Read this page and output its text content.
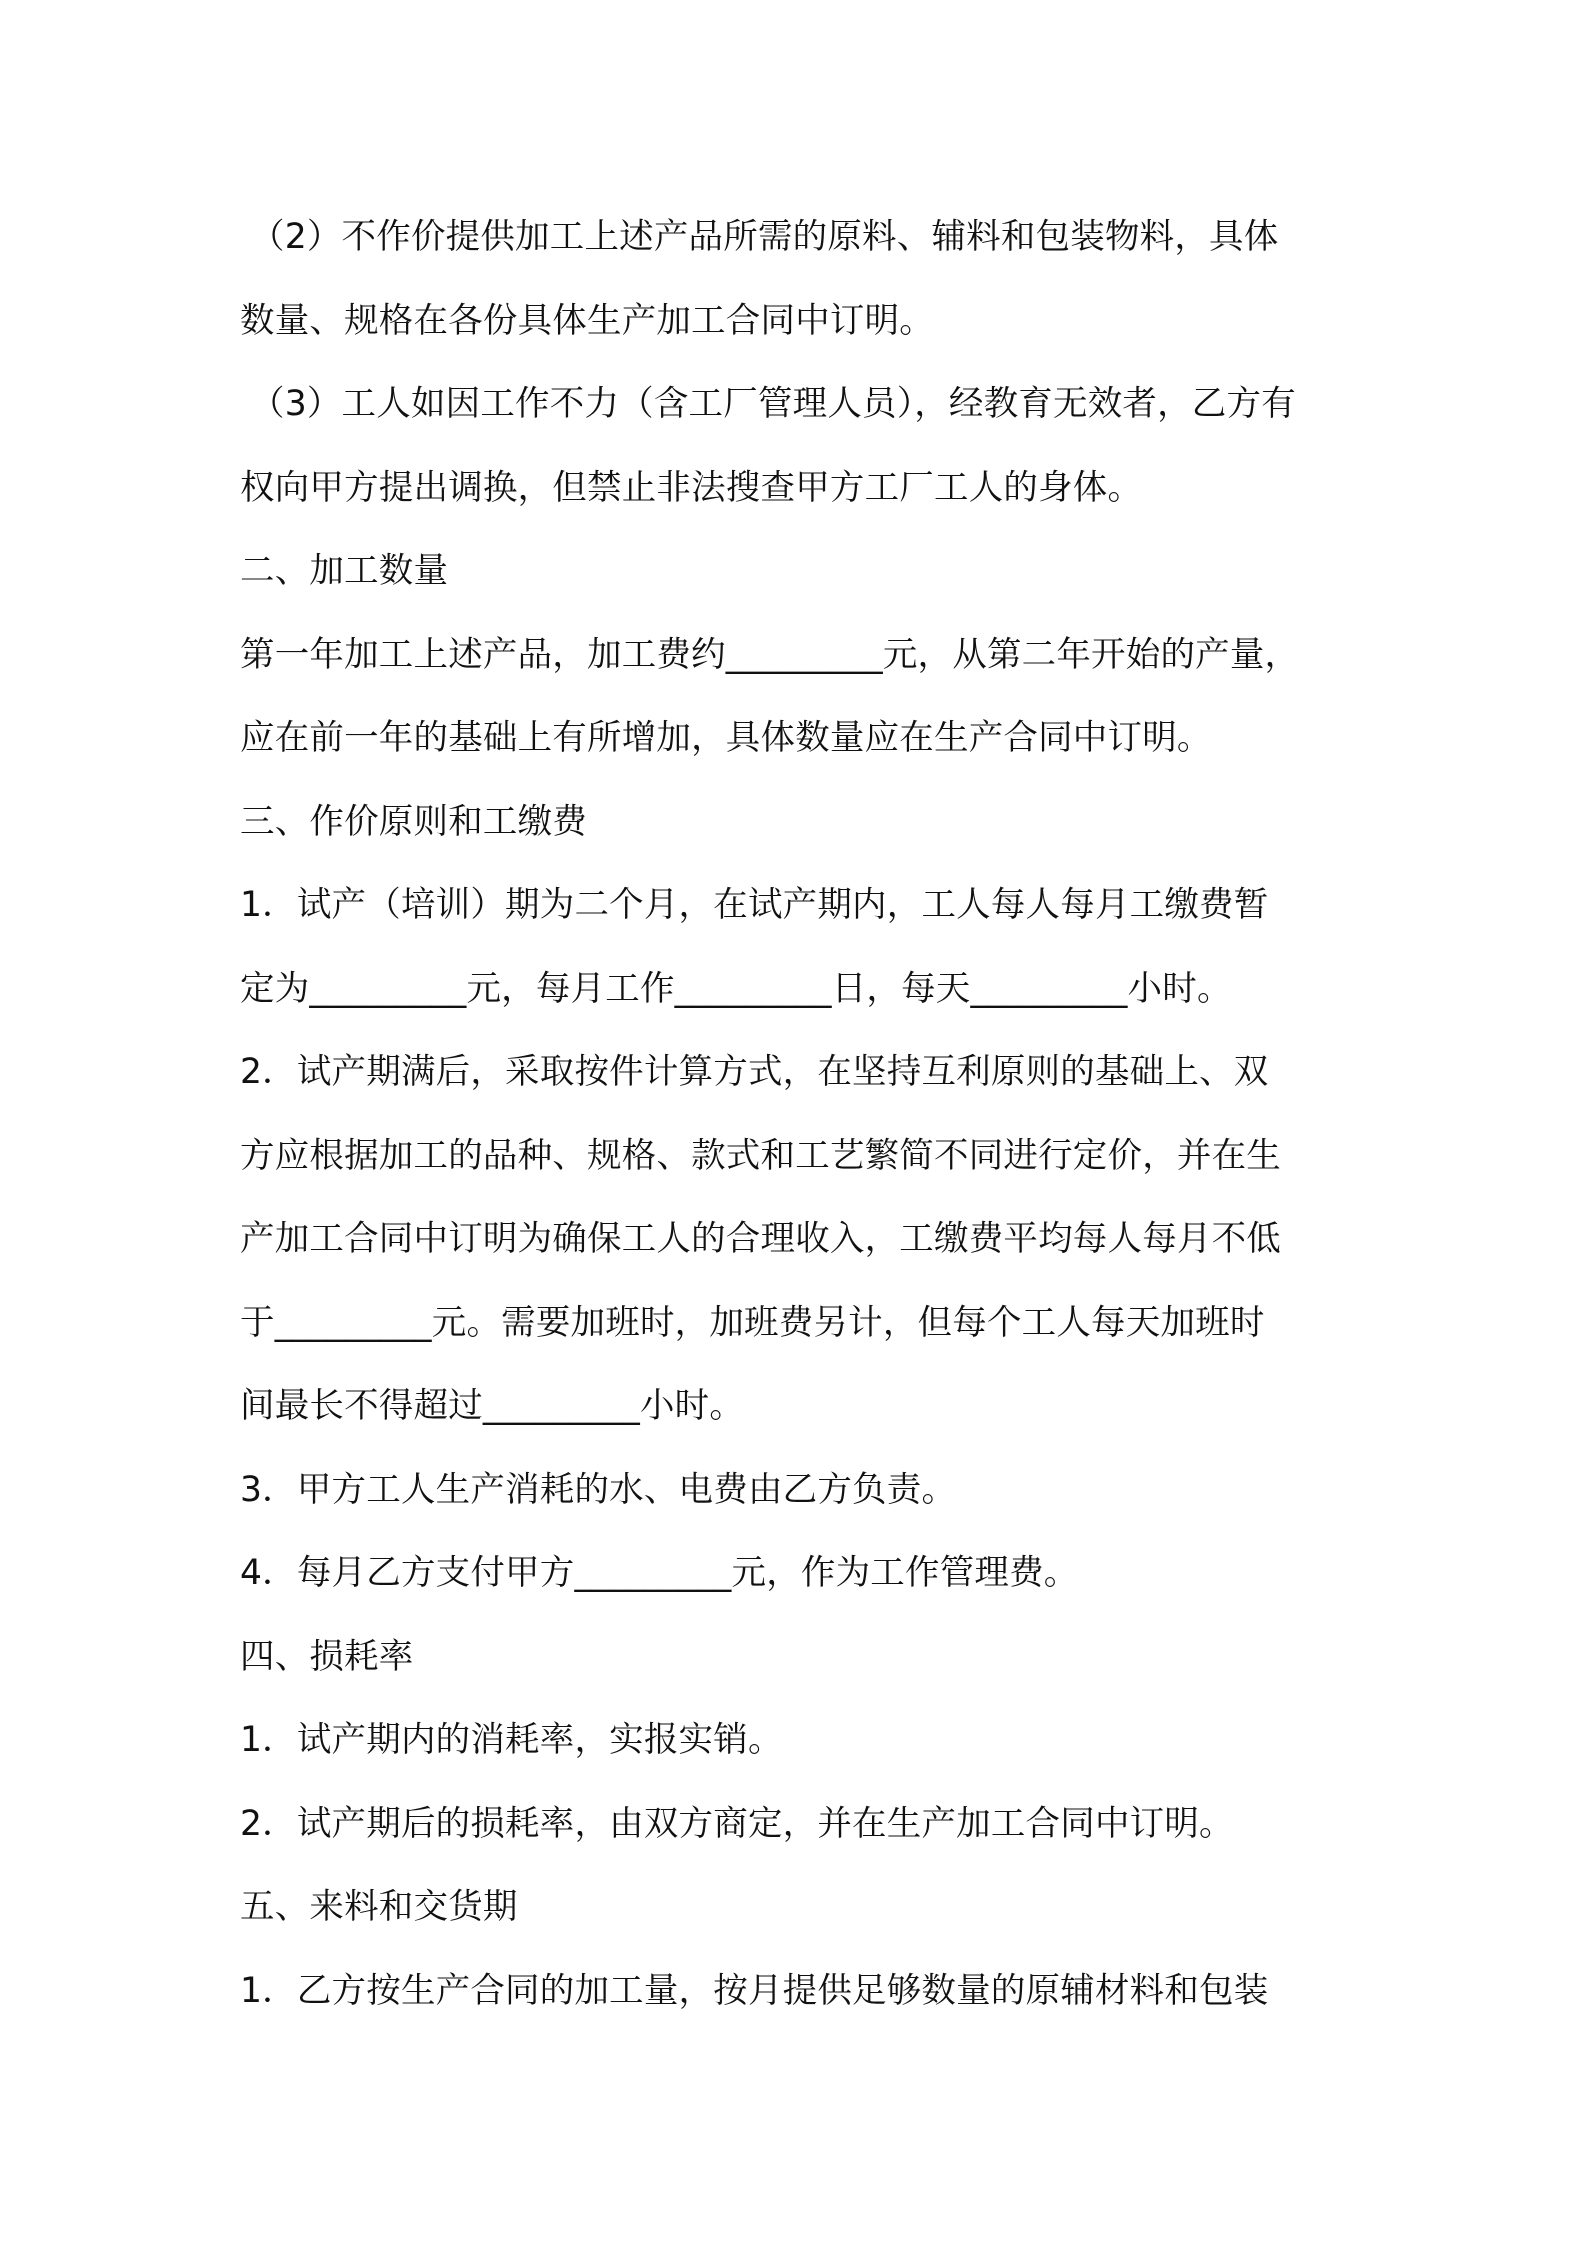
（2）不作价提供加工上述产品所需的原料、辅料和包装物料，具体
数量、规格在各份具体生产加工合同中订明。
（3）工人如因工作不力（含工厂管理人员），经教育无效者，乙方有
权向甲方提出调换，但禁止非法搜查甲方工厂工人的身体。
二、加工数量
第一年加工上述产品，加工费约_________元，从第二年开始的产量，
应在前一年的基础上有所增加，具体数量应在生产合同中订明。
三、作价原则和工缴费
1．试产（培训）期为二个月，在试产期内，工人每人每月工缴费暂
定为_________元，每月工作_________日，每天_________小时。
2．试产期满后，采取按件计算方式，在坚持互利原则的基础上、双
方应根据加工的品种、规格、款式和工艺繁简不同进行定价，并在生
产加工合同中订明为确保工人的合理收入，工缴费平均每人每月不低
于_________元。需要加班时，加班费另计，但每个工人每天加班时
间最长不得超过_________小时。
3．甲方工人生产消耗的水、电费由乙方负责。
4．每月乙方支付甲方_________元，作为工作管理费。
四、损耗率
1．试产期内的消耗率，实报实销。
2．试产期后的损耗率，由双方商定，并在生产加工合同中订明。
五、来料和交货期
1．乙方按生产合同的加工量，按月提供足够数量的原辅材料和包装
